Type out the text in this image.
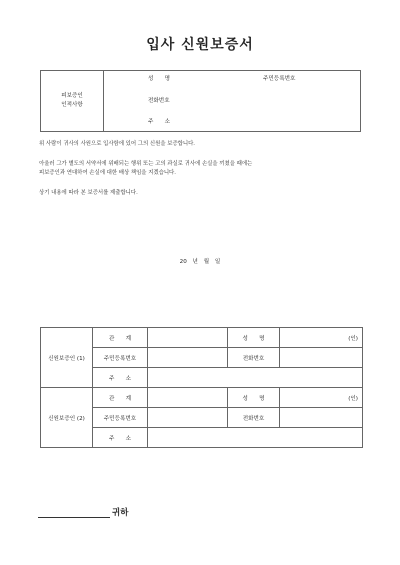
입사 신원보증서
피보증인
인적사항

성　　명	주민등록번호
전화번호
주　　소
위 사람이 귀사의 사원으로 입사함에 있어 그의 신원을 보증합니다.
아울러 그가 별도의 서약서에 위배되는 행위 또는 고의 과실로 귀사에 손실을 끼쳤을 때에는
피보증인과 연대하여 손실에 대한 배상 책임을 지겠습니다.
상기 내용에 따라 본 보증서를 제출합니다.
20 년 월 일
신원보증인 (1)	관　　계		성　　명	(인)
	주민등록번호		전화번호	
	주　　소			
신원보증인 (2)	관　　계		성　　명	(인)
	주민등록번호		전화번호	
	주　　소			
귀하
